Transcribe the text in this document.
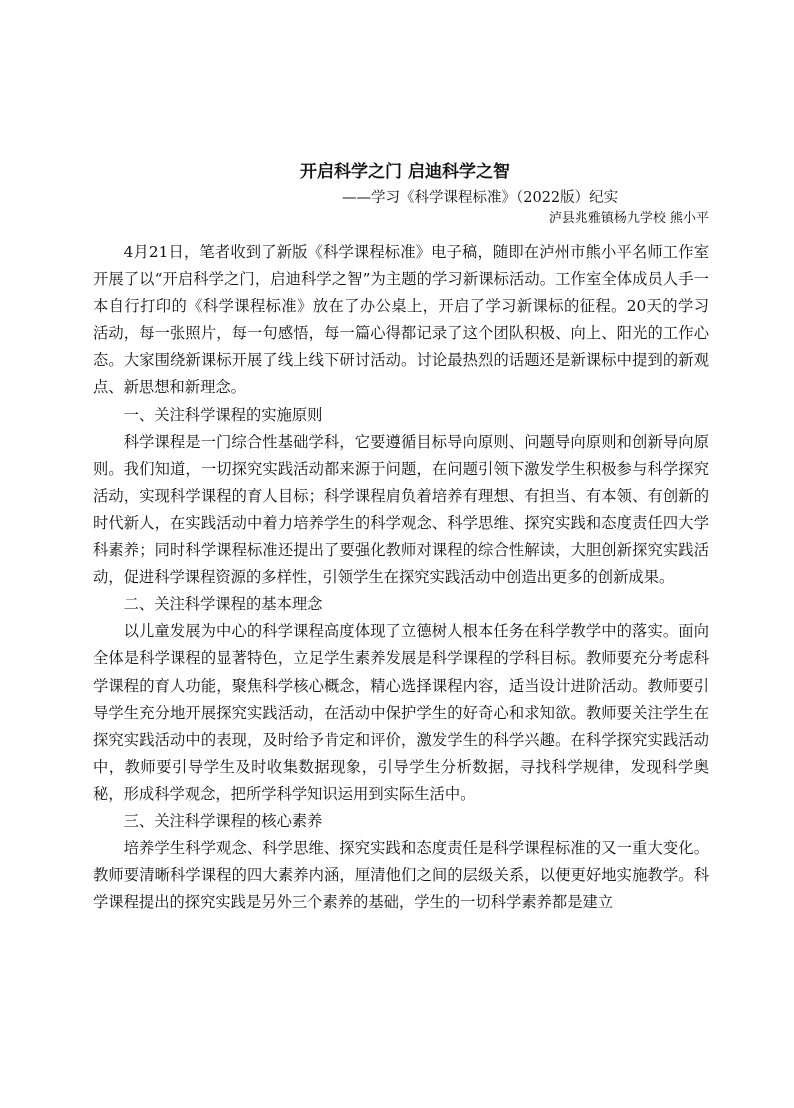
开启科学之门 启迪科学之智
——学习《科学课程标准》（2022版）纪实
泸县兆雅镇杨九学校 熊小平

4月21日，笔者收到了新版《科学课程标准》电子稿，随即在泸州市熊小平名师工作室开展了以“开启科学之门，启迪科学之智”为主题的学习新课标活动。工作室全体成员人手一本自行打印的《科学课程标准》放在了办公桌上，开启了学习新课标的征程。20天的学习活动，每一张照片，每一句感悟，每一篇心得都记录了这个团队积极、向上、阳光的工作心态。大家围绕新课标开展了线上线下研讨活动。讨论最热烈的话题还是新课标中提到的新观点、新思想和新理念。

一、关注科学课程的实施原则

科学课程是一门综合性基础学科，它要遵循目标导向原则、问题导向原则和创新导向原则。我们知道，一切探究实践活动都来源于问题，在问题引领下激发学生积极参与科学探究活动，实现科学课程的育人目标；科学课程肩负着培养有理想、有担当、有本领、有创新的时代新人，在实践活动中着力培养学生的科学观念、科学思维、探究实践和态度责任四大学科素养；同时科学课程标准还提出了要强化教师对课程的综合性解读，大胆创新探究实践活动，促进科学课程资源的多样性，引领学生在探究实践活动中创造出更多的创新成果。

二、关注科学课程的基本理念

以儿童发展为中心的科学课程高度体现了立德树人根本任务在科学教学中的落实。面向全体是科学课程的显著特色，立足学生素养发展是科学课程的学科目标。教师要充分考虑科学课程的育人功能，聚焦科学核心概念，精心选择课程内容，适当设计进阶活动。教师要引导学生充分地开展探究实践活动，在活动中保护学生的好奇心和求知欲。教师要关注学生在探究实践活动中的表现，及时给予肯定和评价，激发学生的科学兴趣。在科学探究实践活动中，教师要引导学生及时收集数据现象，引导学生分析数据，寻找科学规律，发现科学奥秘，形成科学观念，把所学科学知识运用到实际生活中。

三、关注科学课程的核心素养

培养学生科学观念、科学思维、探究实践和态度责任是科学课程标准的又一重大变化。教师要清晰科学课程的四大素养内涵，厘清他们之间的层级关系，以便更好地实施教学。科学课程提出的探究实践是另外三个素养的基础，学生的一切科学素养都是建立
